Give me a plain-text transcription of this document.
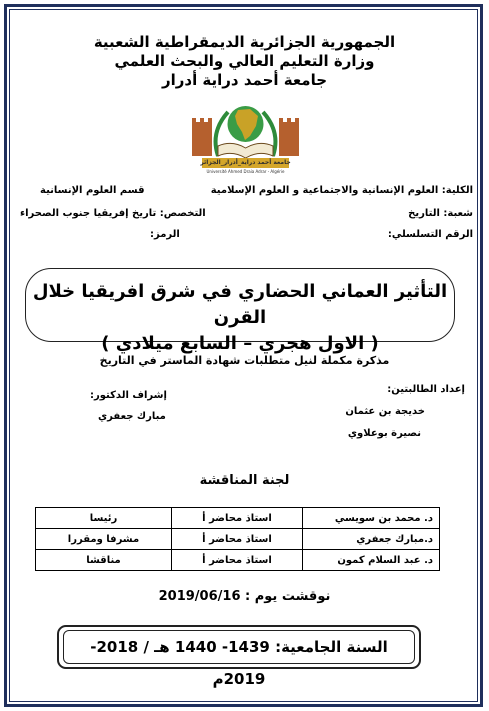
الجمهورية الجزائرية الديمقراطية الشعبية
وزارة التعليم العالي والبحث العلمي
جامعة أحمد دراية أدرار
جامعة أحمد دراية_أدرار_الجزائر
Université Ahmed Draia Adrar - Algérie
الكلية: العلوم الإنسانية والاجتماعية و العلوم الإسلامية
قسم العلوم الإنسانية
شعبة: التاريخ
التخصص: تاريخ إفريقيا جنوب الصحراء
الرقم التسلسلي:
الرمز:
التأثير العماني الحضاري في شرق افريقيا خلال القرن
( الاول هجري – السابع ميلادي )
مذكرة مكملة لنيل متطلبات شهادة الماستر في التاريخ
إعداد الطالبتين:
خديجة بن عثمان
نصيرة بوعلاوي
إشراف الدكتور:
مبارك جعفري
لجنة المناقشة
د. محمد بن سويسي	استاذ محاضر أ	رئيسا
د.مبارك جعفري	استاذ محاضر أ	مشرفا ومقررا
د. عبد السلام كمون	استاذ محاضر أ	مناقشا
نوقشت يوم : 2019/06/16
السنة الجامعية: 1439- 1440 هـ / 2018-2019م
